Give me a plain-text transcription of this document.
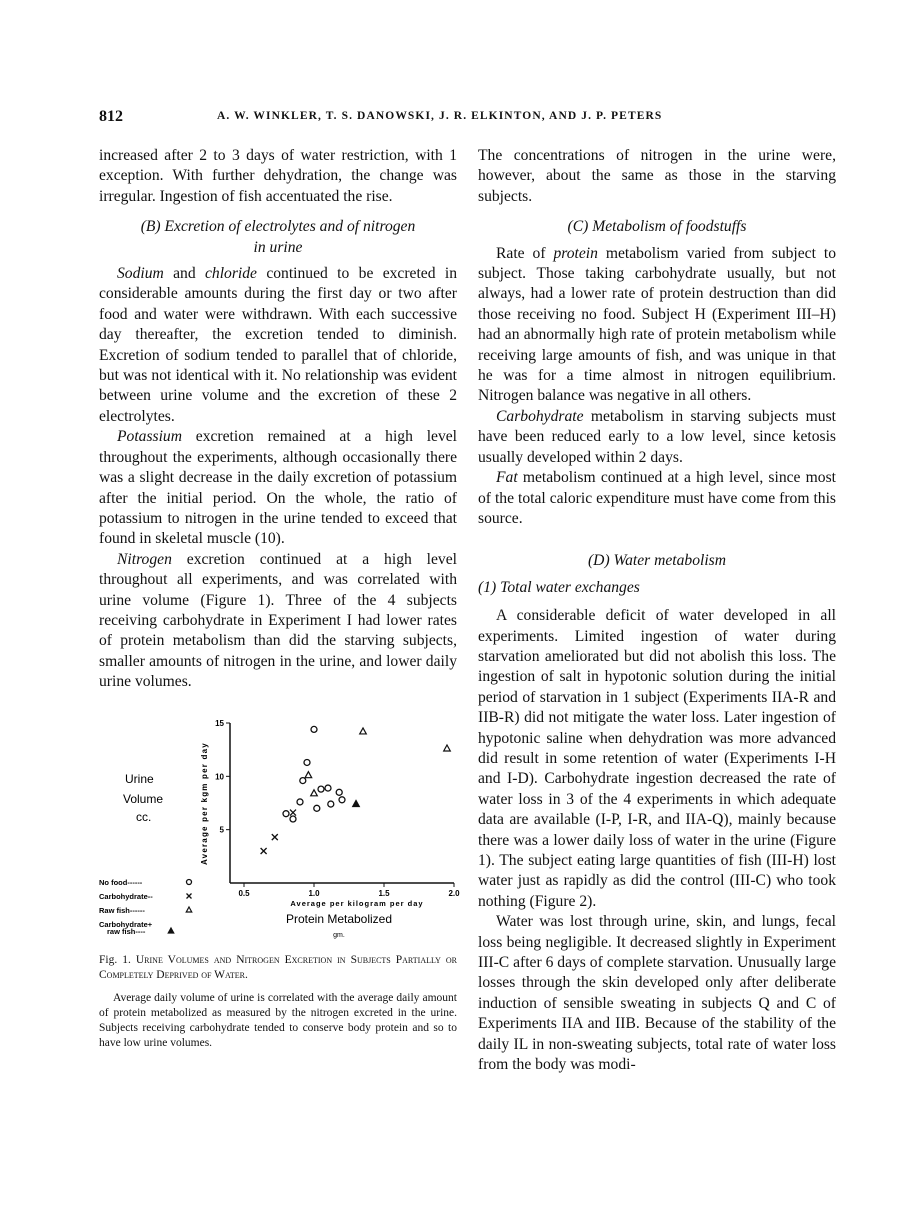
812	A. W. WINKLER, T. S. DANOWSKI, J. R. ELKINTON, AND J. P. PETERS

increased after 2 to 3 days of water restriction, with 1 exception. With further dehydration, the change was irregular. Ingestion of fish accentuated the rise.

(B) Excretion of electrolytes and of nitrogen
in urine

Sodium and chloride continued to be excreted in considerable amounts during the first day or two after food and water were withdrawn. With each successive day thereafter, the excretion tended to diminish. Excretion of sodium tended to parallel that of chloride, but was not identical with it. No relationship was evident between urine volume and the excretion of these 2 electrolytes.

Potassium excretion remained at a high level throughout the experiments, although occasionally there was a slight decrease in the daily excretion of potassium after the initial period. On the whole, the ratio of potassium to nitrogen in the urine tended to exceed that found in skeletal muscle (10).

Nitrogen excretion continued at a high level throughout all experiments, and was correlated with urine volume (Figure 1). Three of the 4 subjects receiving carbohydrate in Experiment I had lower rates of protein metabolism than did the starving subjects, smaller amounts of nitrogen in the urine, and lower daily urine volumes.

Urine
Volume
cc.	Average per kgm per day 5
10
15
0.5	1.0	1.5	2.0
Average per kilogram per day
Protein Metabolized
gm.
No food------
Carbohydrate--
Raw fish------
Carbohydrate+
raw fish----
Fig. 1. Urine Volumes and Nitrogen Excretion in Subjects Partially or Completely Deprived of Water.
Average daily volume of urine is correlated with the average daily amount of protein metabolized as measured by the nitrogen excreted in the urine. Subjects receiving carbohydrate tended to conserve body protein and so to have low urine volumes.

The concentrations of nitrogen in the urine were, however, about the same as those in the starving subjects.

(C) Metabolism of foodstuffs

Rate of protein metabolism varied from subject to subject. Those taking carbohydrate usually, but not always, had a lower rate of protein destruction than did those receiving no food. Subject H (Experiment III–H) had an abnormally high rate of protein metabolism while receiving large amounts of fish, and was unique in that he was for a time almost in nitrogen equilibrium. Nitrogen balance was negative in all others.

Carbohydrate metabolism in starving subjects must have been reduced early to a low level, since ketosis usually developed within 2 days.

Fat metabolism continued at a high level, since most of the total caloric expenditure must have come from this source.

(D) Water metabolism
(1) Total water exchanges

A considerable deficit of water developed in all experiments. Limited ingestion of water during starvation ameliorated but did not abolish this loss. The ingestion of salt in hypotonic solution during the initial period of starvation in 1 subject (Experiments IIA-R and IIB-R) did not mitigate the water loss. Later ingestion of hypotonic saline when dehydration was more advanced did result in some retention of water (Experiments I-H and I-D). Carbohydrate ingestion decreased the rate of water loss in 3 of the 4 experiments in which adequate data are available (I-P, I-R, and IIA-Q), mainly because there was a lower daily loss of water in the urine (Figure 1). The subject eating large quantities of fish (III-H) lost water just as rapidly as did the control (III-C) who took nothing (Figure 2).

Water was lost through urine, skin, and lungs, fecal loss being negligible. It decreased slightly in Experiment III-C after 6 days of complete starvation. Unusually large losses through the skin developed only after deliberate induction of sensible sweating in subjects Q and C of Experiments IIA and IIB. Because of the stability of the daily IL in non-sweating subjects, total rate of water loss from the body was modi-
